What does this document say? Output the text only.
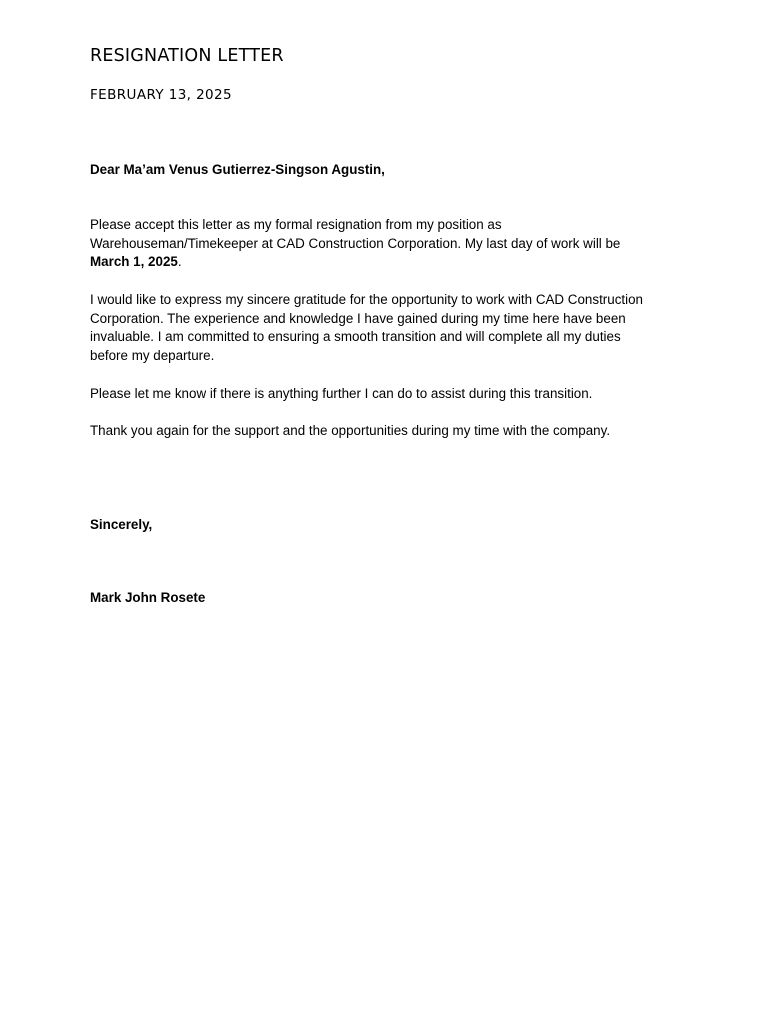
RESIGNATION LETTER
FEBRUARY 13, 2025
Dear Ma’am Venus Gutierrez-Singson Agustin,
Please accept this letter as my formal resignation from my position as
Warehouseman/Timekeeper at CAD Construction Corporation. My last day of work will be
March 1, 2025.
I would like to express my sincere gratitude for the opportunity to work with CAD Construction
Corporation. The experience and knowledge I have gained during my time here have been
invaluable. I am committed to ensuring a smooth transition and will complete all my duties
before my departure.
Please let me know if there is anything further I can do to assist during this transition.
Thank you again for the support and the opportunities during my time with the company.
Sincerely,
Mark John Rosete
